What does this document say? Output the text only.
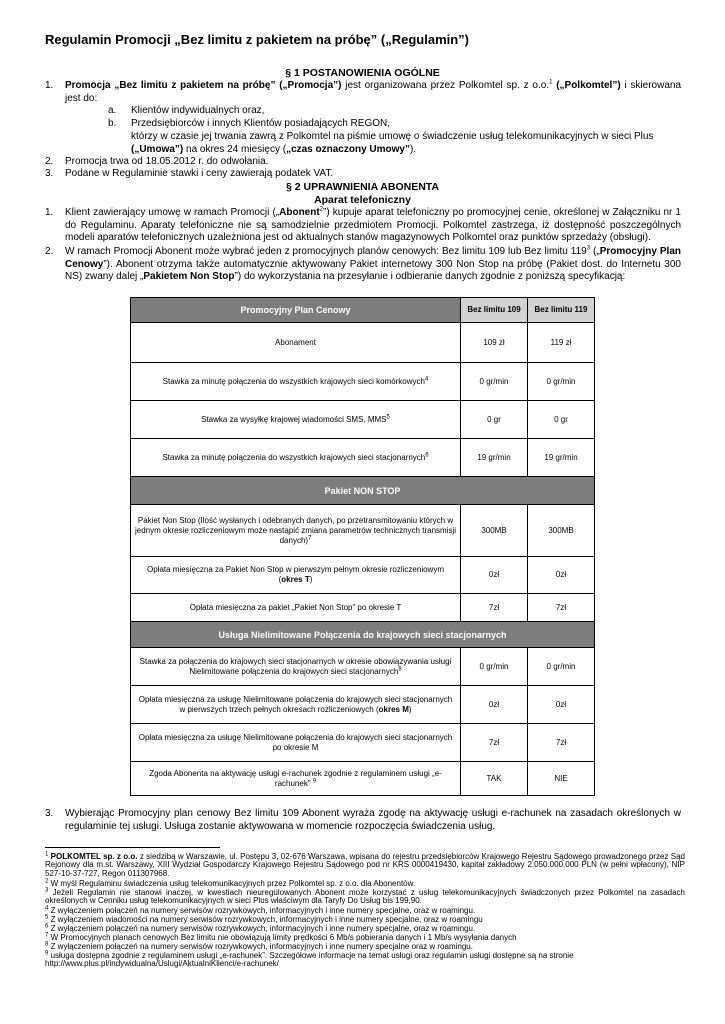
Regulamin Promocji „Bez limitu z pakietem na próbę” („Regulamin”)
§ 1 POSTANOWIENIA OGÓLNE
1. Promocja „Bez limitu z pakietem na próbę” („Promocja”) jest organizowana przez Polkomtel sp. z o.o.$^1$ („Polkomtel”) i skierowana jest do:
a. Klientów indywidualnych oraz,
b. Przedsiębiorców i innych Klientów posiadających REGON,
którzy w czasie jej trwania zawrą z Polkomtel na piśmie umowę o świadczenie usług telekomunikacyjnych w sieci Plus
(„Umowa”) na okres 24 miesięcy („czas oznaczony Umowy”).
2. Promocja trwa od 18.05.2012 r. do odwołania.
3. Podane w Regulaminie stawki i ceny zawierają podatek VAT.
§ 2 UPRAWNIENIA ABONENTA
Aparat telefoniczny
1. Klient zawierający umowę w ramach Promocji („Abonent$^2$”) kupuje aparat telefoniczny po promocyjnej cenie, określonej w Załączniku nr 1 do Regulaminu. Aparaty telefoniczne nie są samodzielnie przedmiotem Promocji. Polkomtel zastrzega, iż dostępność poszczególnych modeli aparatów telefonicznych uzależniona jest od aktualnych stanów magazynowych Polkomtel oraz punktów sprzedaży (obsługi).
2. W ramach Promocji Abonent może wybrać jeden z promocyjnych planów cenowych: Bez limitu 109 lub Bez limitu $119^3$ („Promocyjny Plan Cenowy”). Abonent otrzyma także automatycznie aktywowany Pakiet internetowy 300 Non Stop na próbę (Pakiet dost. do Internetu 300 NS) zwany dalej „Pakietem Non Stop”) do wykorzystania na przesyłanie i odbieranie danych zgodnie z poniższą specyfikacją:
Promocyjny Plan Cenowy	Bez limitu 109	Bez limitu 119
Abonament	109 zł	119 zł
Stawka za minutę połączenia do wszystkich krajowych sieci komórkowych$^4$	0 gr/min	0 gr/min
Stawka za wysyłkę krajowej wiadomości SMS, MMS$^5$	0 gr	0 gr
Stawka za minutę połączenia do wszystkich krajowych sieci stacjonarnych$^6$	19 gr/min	19 gr/min
Pakiet NON STOP		
Pakiet Non Stop (Ilość wysłanych i odebranych danych, po przetransmitowaniu których w jednym okresie rozliczeniowym może nastąpić zmiana parametrów technicznych transmisji danych)$^7$	300MB	300MB
Opłata miesięczna za Pakiet Non Stop w pierwszym pełnym okresie rozliczeniowym (okres T)	0zł	0zł
Opłata miesięczna za pakiet „Pakiet Non Stop” po okresie T	7zł	7zł
Usługa Nielimitowane Połączenia do krajowych sieci stacjonarnych		
Stawka za połączenia do krajowych sieci stacjonarnych w okresie obowiązywania usługi Nielimitowane połączenia do krajowych sieci stacjonarnych$^8$	0 gr/min	0 gr/min
Opłata miesięczna za usługę Nielimitowane połączenia do krajowych sieci stacjonarnych w pierwszych trzech pełnych okresach rozliczeniowych (okres M)	0zł	0zł
Opłata miesięczna za usługę Nielimitowane połączenia do krajowych sieci stacjonarnych po okresie M	7zł	7zł
Zgoda Abonenta na aktywację usługi e-rachunek zgodnie z regulaminem usługi „e-rachunek” $^9$	TAK	NIE
3. Wybierając Promocyjny plan cenowy Bez limitu 109 Abonent wyraża zgodę na aktywację usługi e-rachunek na zasadach określonych w regulaminie tej usługi. Usługa zostanie aktywowana w momencie rozpoczęcia świadczenia usług.
$^1$ POLKOMTEL sp. z o.o. z siedzibą w Warszawie, ul. Postępu 3, 02-676 Warszawa, wpisana do rejestru przedsiębiorców Krajowego Rejestru Sądowego prowadzonego przez Sąd Rejonowy dla m.st. Warszawy, XIII Wydział Gospodarczy Krajowego Rejestru Sądowego pod nr KRS 0000419430, kapitał zakładowy 2.050.000.000 PLN (w pełni wpłacony), NIP 527-10-37-727, Regon 011307968.
$^2$ W myśl Regulaminu świadczenia usług telekomunikacyjnych przez Polkomtel sp. z o.o. dla Abonentów.
$^3$ Jeżeli Regulamin nie stanowi inaczej, w kwestiach nieuregulowanych Abonent może korzystać z usług telekomunikacyjnych świadczonych przez Polkomtel na zasadach określonych w Cenniku usług telekomunikacyjnych w sieci Plus właściwym dla Taryfy Do Usług bis 199,90.
$^4$ Z wyłączeniem połączeń na numery serwisów rozrywkowych, informacyjnych i inne numery specjalne, oraz w roamingu.
$^5$ Z wyłączeniem wiadomości na numery serwisów rozrywkowych, informacyjnych i inne numery specjalne, oraz w roamingu
$^6$ Z wyłączeniem połączeń na numery serwisów rozrywkowych, informacyjnych i inne numery specjalne, oraz w roamingu.
$^7$ W Promocyjnych planach cenowych Bez limitu nie obowiązują limity prędkości 6 Mb/s pobierania danych i 1 Mb/s wysyłania danych
$^8$ Z wyłączeniem połączeń na numery serwisów rozrywkowych, informacyjnych i inne numery specjalne oraz w roamingu.
$^9$ usługa dostępna zgodnie z regulaminem usługi „e-rachunek”. Szczegółowe informacje na temat usługi oraz regulamin usługi dostępne są na stronie
http://www.plus.pl/indywidualna/Uslugi/AktualniKlienci/e-rachunek/
